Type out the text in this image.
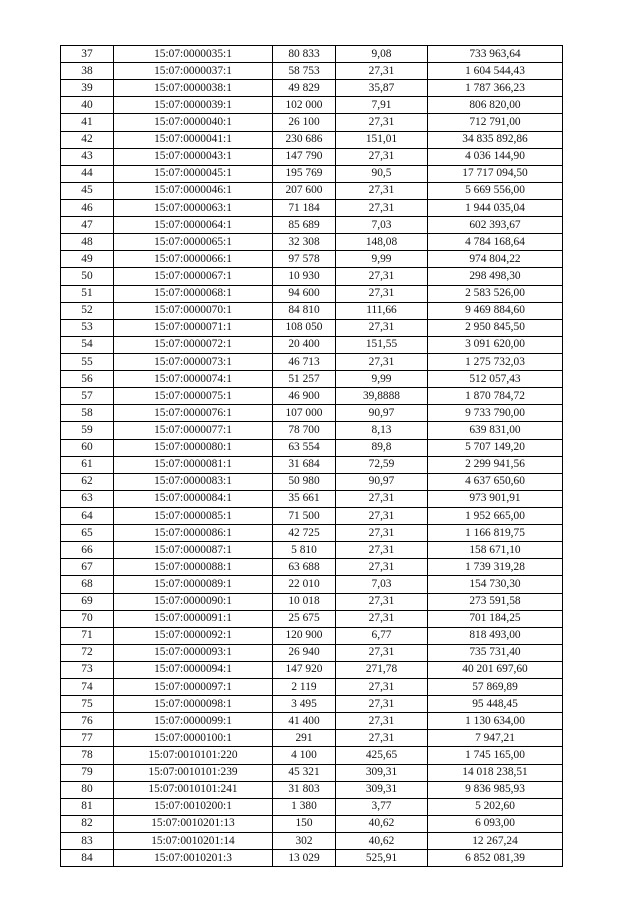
37	15:07:0000035:1	80 833	9,08	733 963,64
38	15:07:0000037:1	58 753	27,31	1 604 544,43
39	15:07:0000038:1	49 829	35,87	1 787 366,23
40	15:07:0000039:1	102 000	7,91	806 820,00
41	15:07:0000040:1	26 100	27,31	712 791,00
42	15:07:0000041:1	230 686	151,01	34 835 892,86
43	15:07:0000043:1	147 790	27,31	4 036 144,90
44	15:07:0000045:1	195 769	90,5	17 717 094,50
45	15:07:0000046:1	207 600	27,31	5 669 556,00
46	15:07:0000063:1	71 184	27,31	1 944 035,04
47	15:07:0000064:1	85 689	7,03	602 393,67
48	15:07:0000065:1	32 308	148,08	4 784 168,64
49	15:07:0000066:1	97 578	9,99	974 804,22
50	15:07:0000067:1	10 930	27,31	298 498,30
51	15:07:0000068:1	94 600	27,31	2 583 526,00
52	15:07:0000070:1	84 810	111,66	9 469 884,60
53	15:07:0000071:1	108 050	27,31	2 950 845,50
54	15:07:0000072:1	20 400	151,55	3 091 620,00
55	15:07:0000073:1	46 713	27,31	1 275 732,03
56	15:07:0000074:1	51 257	9,99	512 057,43
57	15:07:0000075:1	46 900	39,8888	1 870 784,72
58	15:07:0000076:1	107 000	90,97	9 733 790,00
59	15:07:0000077:1	78 700	8,13	639 831,00
60	15:07:0000080:1	63 554	89,8	5 707 149,20
61	15:07:0000081:1	31 684	72,59	2 299 941,56
62	15:07:0000083:1	50 980	90,97	4 637 650,60
63	15:07:0000084:1	35 661	27,31	973 901,91
64	15:07:0000085:1	71 500	27,31	1 952 665,00
65	15:07:0000086:1	42 725	27,31	1 166 819,75
66	15:07:0000087:1	5 810	27,31	158 671,10
67	15:07:0000088:1	63 688	27,31	1 739 319,28
68	15:07:0000089:1	22 010	7,03	154 730,30
69	15:07:0000090:1	10 018	27,31	273 591,58
70	15:07:0000091:1	25 675	27,31	701 184,25
71	15:07:0000092:1	120 900	6,77	818 493,00
72	15:07:0000093:1	26 940	27,31	735 731,40
73	15:07:0000094:1	147 920	271,78	40 201 697,60
74	15:07:0000097:1	2 119	27,31	57 869,89
75	15:07:0000098:1	3 495	27,31	95 448,45
76	15:07:0000099:1	41 400	27,31	1 130 634,00
77	15:07:0000100:1	291	27,31	7 947,21
78	15:07:0010101:220	4 100	425,65	1 745 165,00
79	15:07:0010101:239	45 321	309,31	14 018 238,51
80	15:07:0010101:241	31 803	309,31	9 836 985,93
81	15:07:0010200:1	1 380	3,77	5 202,60
82	15:07:0010201:13	150	40,62	6 093,00
83	15:07:0010201:14	302	40,62	12 267,24
84	15:07:0010201:3	13 029	525,91	6 852 081,39
